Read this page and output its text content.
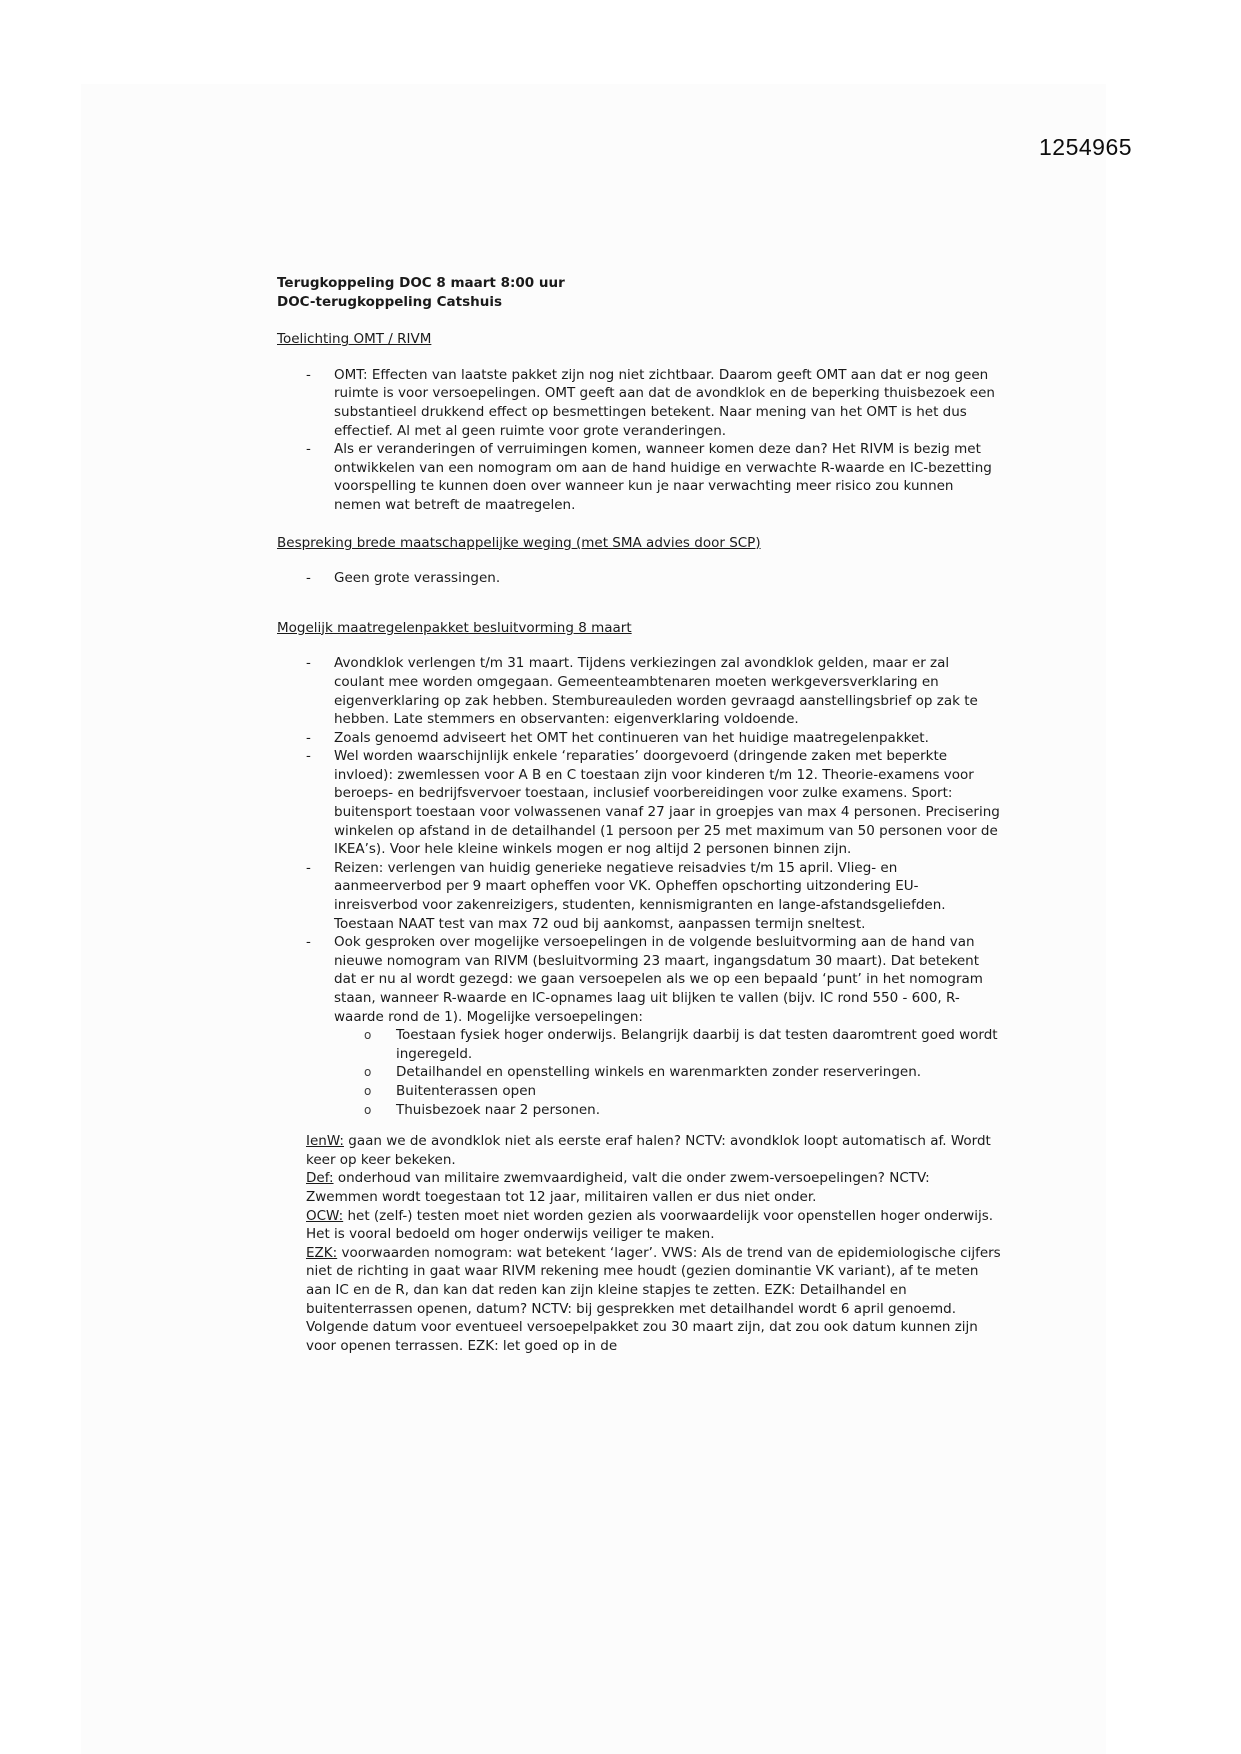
1254965
Terugkoppeling DOC 8 maart 8:00 uur
DOC-terugkoppeling Catshuis
Toelichting OMT / RIVM
-	OMT: Effecten van laatste pakket zijn nog niet zichtbaar. Daarom geeft OMT aan dat er nog geen ruimte is voor versoepelingen. OMT geeft aan dat de avondklok en de beperking thuisbezoek een substantieel drukkend effect op besmettingen betekent. Naar mening van het OMT is het dus effectief. Al met al geen ruimte voor grote veranderingen.
-	Als er veranderingen of verruimingen komen, wanneer komen deze dan? Het RIVM is bezig met ontwikkelen van een nomogram om aan de hand huidige en verwachte R-waarde en IC-bezetting voorspelling te kunnen doen over wanneer kun je naar verwachting meer risico zou kunnen nemen wat betreft de maatregelen.
Bespreking brede maatschappelijke weging (met SMA advies door SCP)
-	Geen grote verassingen.
Mogelijk maatregelenpakket besluitvorming 8 maart
-	Avondklok verlengen t/m 31 maart. Tijdens verkiezingen zal avondklok gelden, maar er zal coulant mee worden omgegaan. Gemeenteambtenaren moeten werkgeversverklaring en eigenverklaring op zak hebben. Stembureauleden worden gevraagd aanstellingsbrief op zak te hebben. Late stemmers en observanten: eigenverklaring voldoende.
-	Zoals genoemd adviseert het OMT het continueren van het huidige maatregelenpakket.
-	Wel worden waarschijnlijk enkele ‘reparaties’ doorgevoerd (dringende zaken met beperkte invloed): zwemlessen voor A B en C toestaan zijn voor kinderen t/m 12. Theorie-examens voor beroeps- en bedrijfsvervoer toestaan, inclusief voorbereidingen voor zulke examens. Sport: buitensport toestaan voor volwassenen vanaf 27 jaar in groepjes van max 4 personen. Precisering winkelen op afstand in de detailhandel (1 persoon per 25 met maximum van 50 personen voor de IKEA’s). Voor hele kleine winkels mogen er nog altijd 2 personen binnen zijn.
-	Reizen: verlengen van huidig generieke negatieve reisadvies t/m 15 april. Vlieg- en aanmeerverbod per 9 maart opheffen voor VK. Opheffen opschorting uitzondering EU-inreisverbod voor zakenreizigers, studenten, kennismigranten en lange-afstandsgeliefden. Toestaan NAAT test van max 72 oud bij aankomst, aanpassen termijn sneltest.
-	Ook gesproken over mogelijke versoepelingen in de volgende besluitvorming aan de hand van nieuwe nomogram van RIVM (besluitvorming 23 maart, ingangsdatum 30 maart). Dat betekent dat er nu al wordt gezegd: we gaan versoepelen als we op een bepaald ‘punt’ in het nomogram staan, wanneer R-waarde en IC-opnames laag uit blijken te vallen (bijv. IC rond 550 - 600, R-waarde rond de 1). Mogelijke versoepelingen:
o	Toestaan fysiek hoger onderwijs. Belangrijk daarbij is dat testen daaromtrent goed wordt ingeregeld.
o	Detailhandel en openstelling winkels en warenmarkten zonder reserveringen.
o	Buitenterassen open
o	Thuisbezoek naar 2 personen.
IenW: gaan we de avondklok niet als eerste eraf halen? NCTV: avondklok loopt automatisch af. Wordt keer op keer bekeken.
Def: onderhoud van militaire zwemvaardigheid, valt die onder zwem-versoepelingen? NCTV: Zwemmen wordt toegestaan tot 12 jaar, militairen vallen er dus niet onder.
OCW: het (zelf-) testen moet niet worden gezien als voorwaardelijk voor openstellen hoger onderwijs. Het is vooral bedoeld om hoger onderwijs veiliger te maken.
EZK: voorwaarden nomogram: wat betekent ‘lager’. VWS: Als de trend van de epidemiologische cijfers niet de richting in gaat waar RIVM rekening mee houdt (gezien dominantie VK variant), af te meten aan IC en de R, dan kan dat reden kan zijn kleine stapjes te zetten. EZK: Detailhandel en buitenterrassen openen, datum? NCTV: bij gesprekken met detailhandel wordt 6 april genoemd. Volgende datum voor eventueel versoepelpakket zou 30 maart zijn, dat zou ook datum kunnen zijn voor openen terrassen. EZK: let goed op in de
